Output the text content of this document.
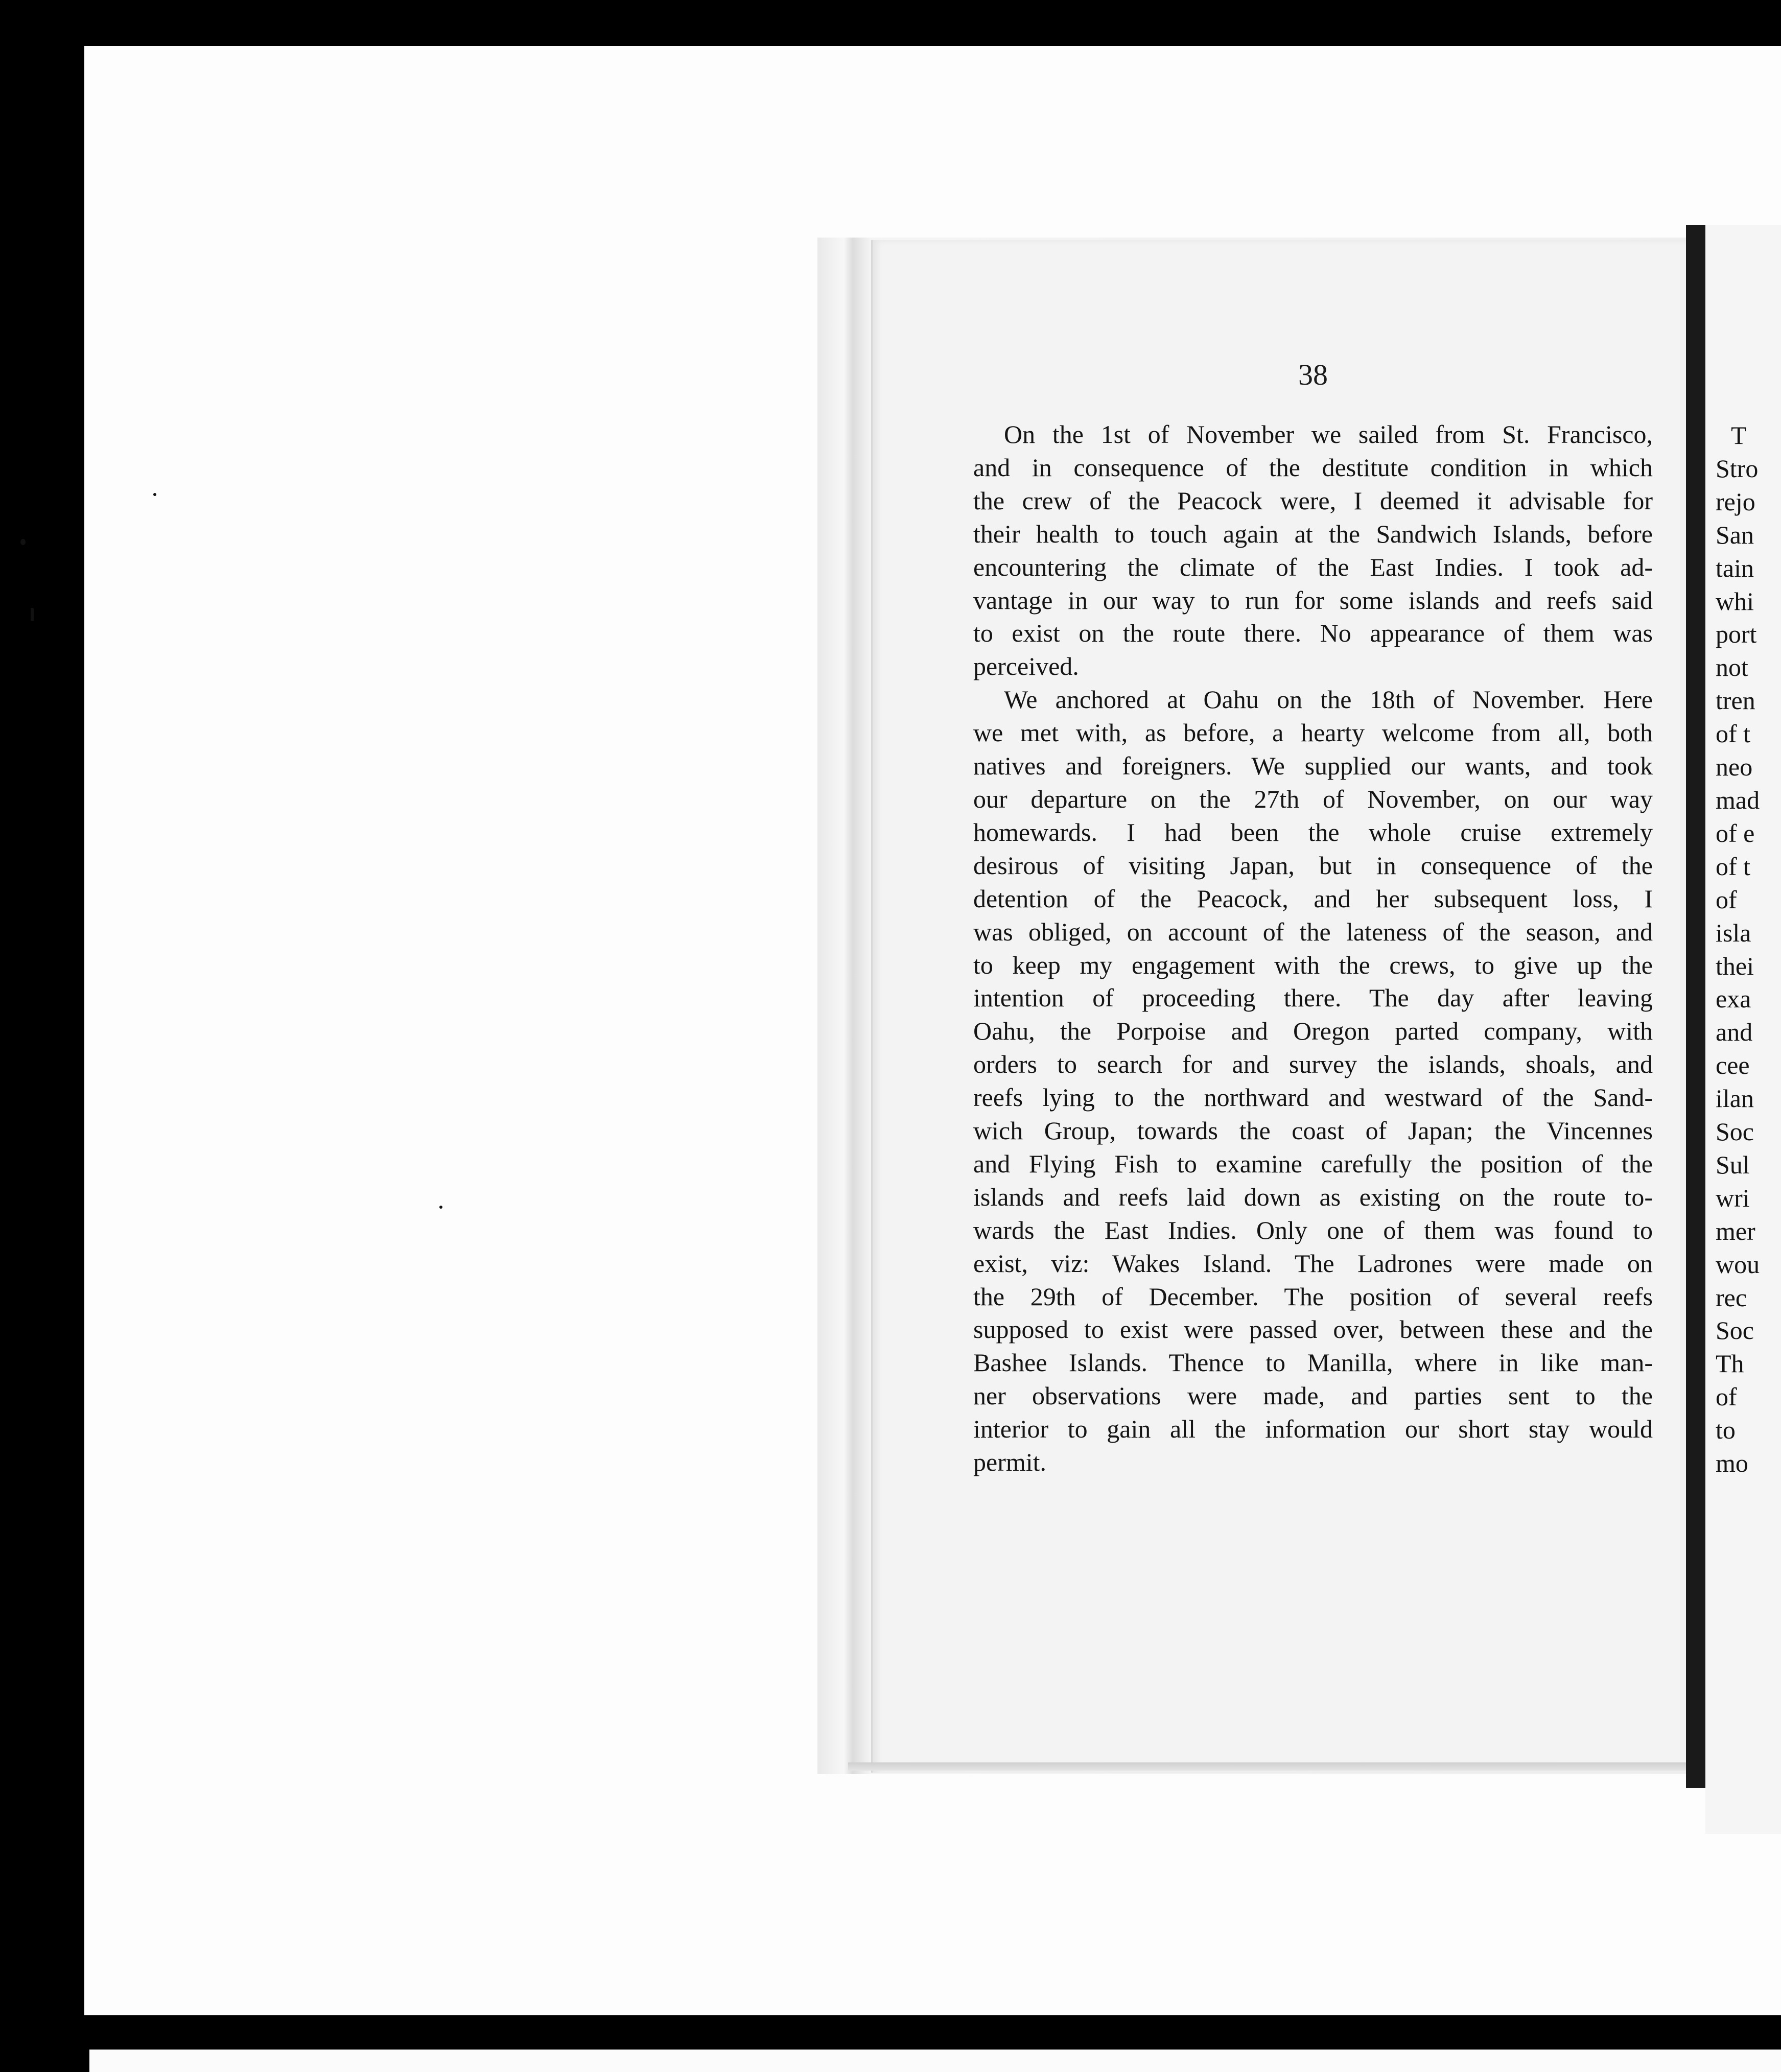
T
Stro
rejo
San
tain
whi
port
not
tren
of t
neo
mad
of e
of t
of
isla
thei
exa
and
cee
ilan
Soc
Sul
wri
mer
wou
rec
Soc
Th
of
to
mo
38

On the 1st of November we sailed from St. Francisco,
and in consequence of the destitute condition in which
the crew of the Peacock were, I deemed it advisable for
their health to touch again at the Sandwich Islands, before
encountering the climate of the East Indies. I took ad-
vantage in our way to run for some islands and reefs said
to exist on the route there. No appearance of them was
perceived.

We anchored at Oahu on the 18th of November. Here
we met with, as before, a hearty welcome from all, both
natives and foreigners. We supplied our wants, and took
our departure on the 27th of November, on our way
homewards. I had been the whole cruise extremely
desirous of visiting Japan, but in consequence of the
detention of the Peacock, and her subsequent loss, I
was obliged, on account of the lateness of the season, and
to keep my engagement with the crews, to give up the
intention of proceeding there. The day after leaving
Oahu, the Porpoise and Oregon parted company, with
orders to search for and survey the islands, shoals, and
reefs lying to the northward and westward of the Sand-
wich Group, towards the coast of Japan; the Vincennes
and Flying Fish to examine carefully the position of the
islands and reefs laid down as existing on the route to-
wards the East Indies. Only one of them was found to
exist, viz: Wakes Island. The Ladrones were made on
the 29th of December. The position of several reefs
supposed to exist were passed over, between these and the
Bashee Islands. Thence to Manilla, where in like man-
ner observations were made, and parties sent to the
interior to gain all the information our short stay would
permit.
